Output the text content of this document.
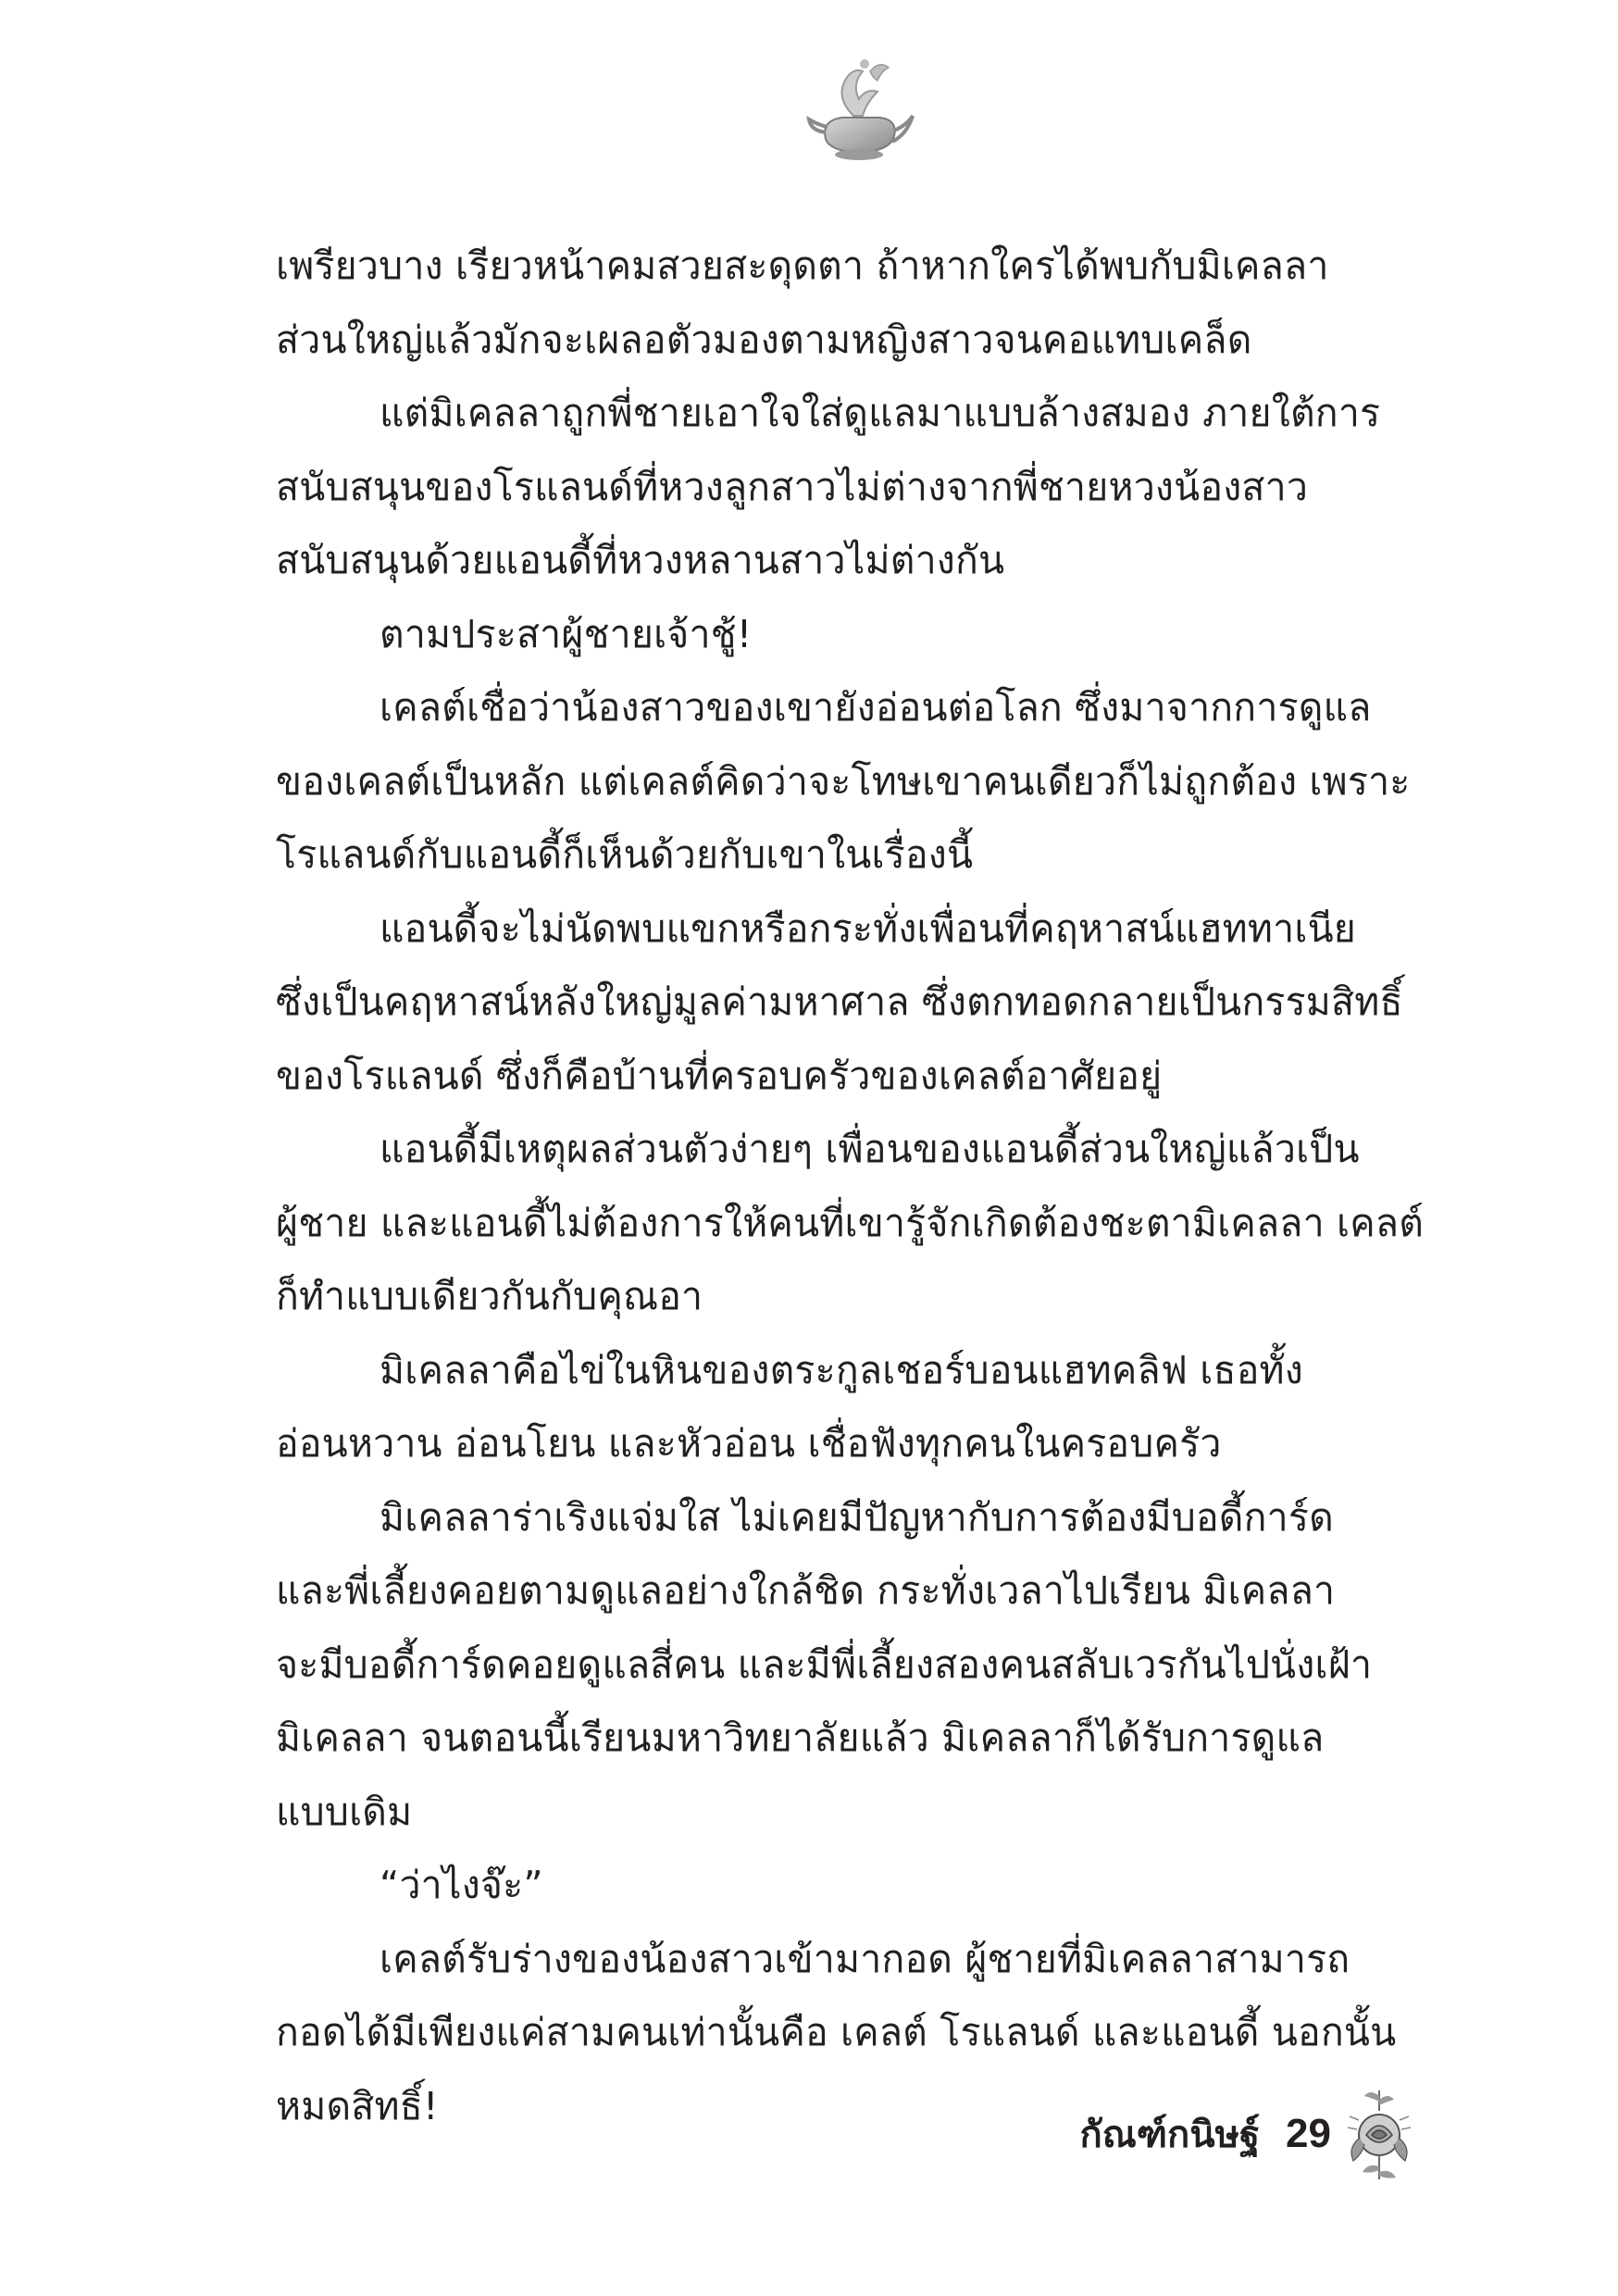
เพรียวบาง เรียวหน้าคมสวยสะดุดตา ถ้าหากใครได้พบกับมิเคลลา
ส่วนใหญ่แล้วมักจะเผลอตัวมองตามหญิงสาวจนคอแทบเคล็ด
แต่มิเคลลาถูกพี่ชายเอาใจใส่ดูแลมาแบบล้างสมอง ภายใต้การ
สนับสนุนของโรแลนด์ที่หวงลูกสาวไม่ต่างจากพี่ชายหวงน้องสาว
สนับสนุนด้วยแอนดี้ที่หวงหลานสาวไม่ต่างกัน
ตามประสาผู้ชายเจ้าชู้!
เคลต์เชื่อว่าน้องสาวของเขายังอ่อนต่อโลก ซึ่งมาจากการดูแล
ของเคลต์เป็นหลัก แต่เคลต์คิดว่าจะโทษเขาคนเดียวก็ไม่ถูกต้อง เพราะ
โรแลนด์กับแอนดี้ก็เห็นด้วยกับเขาในเรื่องนี้
แอนดี้จะไม่นัดพบแขกหรือกระทั่งเพื่อนที่คฤหาสน์แฮททาเนีย
ซึ่งเป็นคฤหาสน์หลังใหญ่มูลค่ามหาศาล ซึ่งตกทอดกลายเป็นกรรมสิทธิ์
ของโรแลนด์ ซึ่งก็คือบ้านที่ครอบครัวของเคลต์อาศัยอยู่
แอนดี้มีเหตุผลส่วนตัวง่ายๆ เพื่อนของแอนดี้ส่วนใหญ่แล้วเป็น
ผู้ชาย และแอนดี้ไม่ต้องการให้คนที่เขารู้จักเกิดต้องชะตามิเคลลา เคลต์
ก็ทำแบบเดียวกันกับคุณอา
มิเคลลาคือไข่ในหินของตระกูลเชอร์บอนแฮทคลิฟ เธอทั้ง
อ่อนหวาน อ่อนโยน และหัวอ่อน เชื่อฟังทุกคนในครอบครัว
มิเคลลาร่าเริงแจ่มใส ไม่เคยมีปัญหากับการต้องมีบอดี้การ์ด
และพี่เลี้ยงคอยตามดูแลอย่างใกล้ชิด กระทั่งเวลาไปเรียน มิเคลลา
จะมีบอดี้การ์ดคอยดูแลสี่คน และมีพี่เลี้ยงสองคนสลับเวรกันไปนั่งเฝ้า
มิเคลลา จนตอนนี้เรียนมหาวิทยาลัยแล้ว มิเคลลาก็ได้รับการดูแล
แบบเดิม
“ว่าไงจ๊ะ”
เคลต์รับร่างของน้องสาวเข้ามากอด ผู้ชายที่มิเคลลาสามารถ
กอดได้มีเพียงแค่สามคนเท่านั้นคือ เคลต์ โรแลนด์ และแอนดี้ นอกนั้น
หมดสิทธิ์!
กัณฑ์กนิษฐ์ 29
